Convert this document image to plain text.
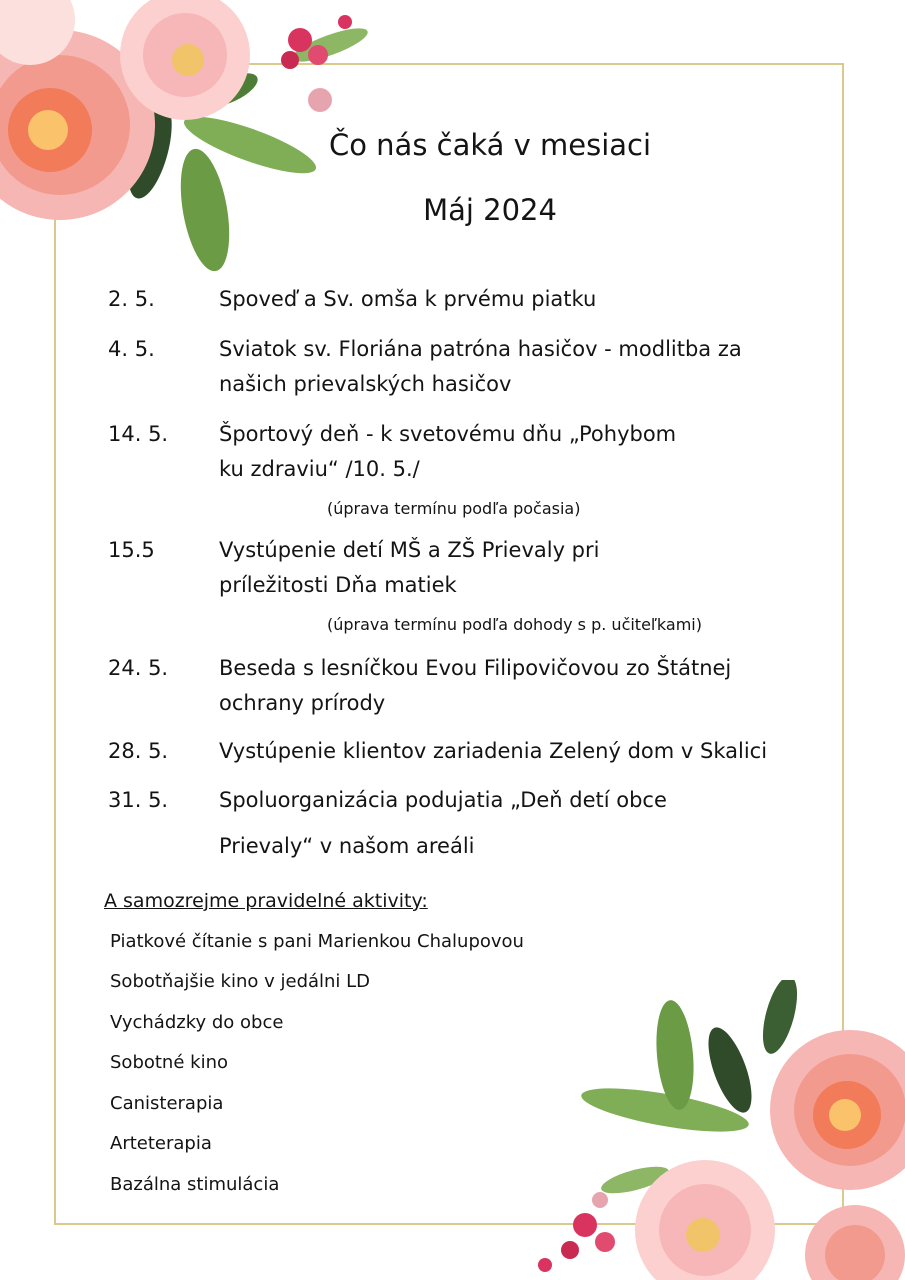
Čo nás čaká v mesiaci
Máj 2024
2. 5.	Spoveď a Sv. omša k prvému piatku
4. 5.	Sviatok sv. Floriána patróna hasičov - modlitba za
našich prievalských hasičov
14. 5. Športový deň - k svetovému dňu „Pohybom
ku zdraviu“ /10. 5./
(úprava termínu podľa počasia)
15.5	Vystúpenie detí MŠ a ZŠ Prievaly pri
príležitosti Dňa matiek
(úprava termínu podľa dohody s p. učiteľkami)
24. 5. Beseda s lesníčkou Evou Filipovičovou zo Štátnej
ochrany prírody
28. 5. Vystúpenie klientov zariadenia Zelený dom v Skalici
31. 5. Spoluorganizácia podujatia „Deň detí obce
Prievaly“ v našom areáli
A samozrejme pravidelné aktivity:
Piatkové čítanie s pani Marienkou Chalupovou
Sobotňajšie kino v jedálni LD
Vychádzky do obce
Sobotné kino
Canisterapia
Arteterapia
Bazálna stimulácia
